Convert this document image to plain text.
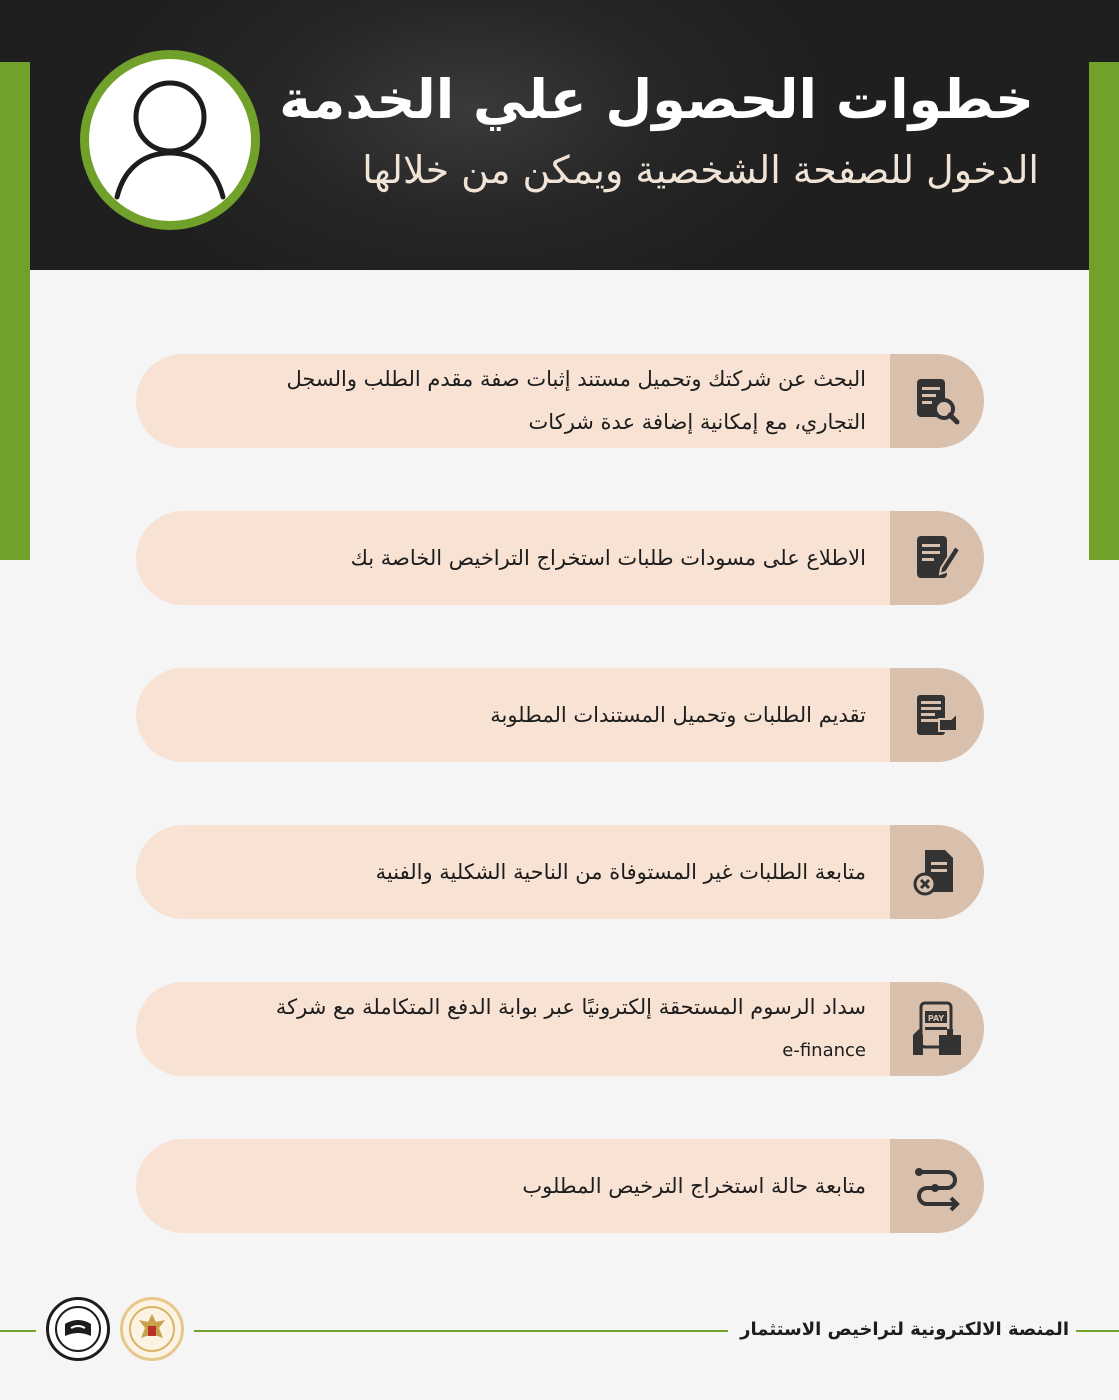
خطوات الحصول علي الخدمة
الدخول للصفحة الشخصية ويمكن من خلالها
البحث عن شركتك وتحميل مستند إثبات صفة مقدم الطلب والسجل
التجاري، مع إمكانية إضافة عدة شركات
الاطلاع على مسودات طلبات استخراج التراخيص الخاصة بك
تقديم الطلبات وتحميل المستندات المطلوبة
متابعة الطلبات غير المستوفاة من الناحية الشكلية والفنية
PAY
سداد الرسوم المستحقة إلكترونيًا عبر بوابة الدفع المتكاملة مع شركة
e-finance
متابعة حالة استخراج الترخيص المطلوب
المنصة الالكترونية لتراخيص الاستثمار
